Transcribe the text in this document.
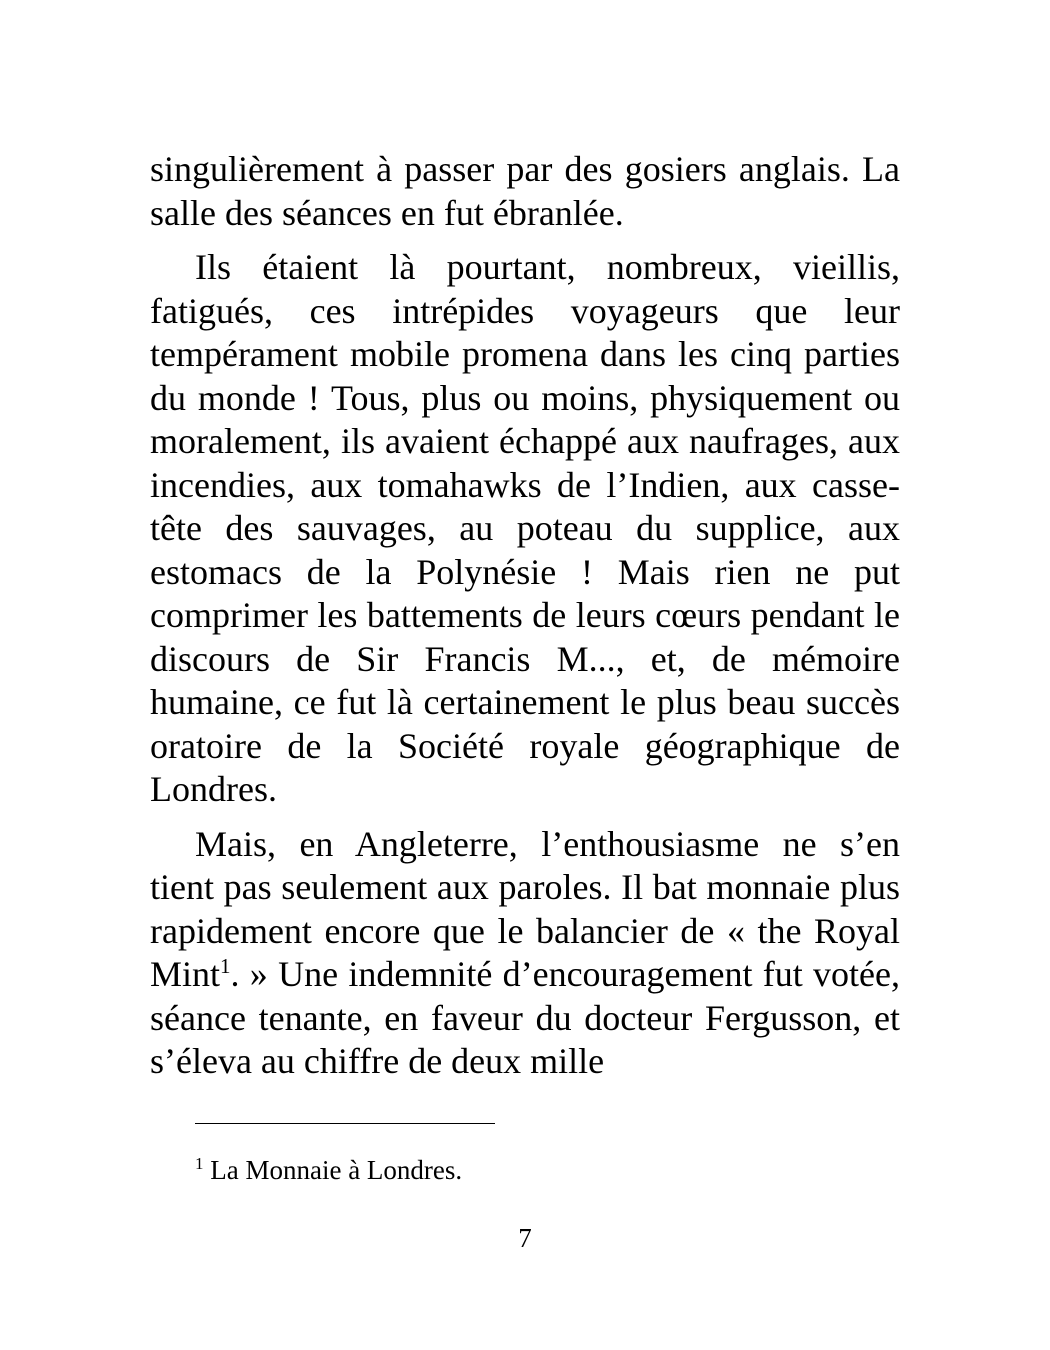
singulièrement à passer par des gosiers anglais. La salle des séances en fut ébranlée.

Ils étaient là pourtant, nombreux, vieillis, fatigués, ces intrépides voyageurs que leur tempérament mobile promena dans les cinq parties du monde ! Tous, plus ou moins, physiquement ou moralement, ils avaient échappé aux naufrages, aux incendies, aux tomahawks de l’Indien, aux casse-tête des sauvages, au poteau du supplice, aux estomacs de la Polynésie ! Mais rien ne put comprimer les battements de leurs cœurs pendant le discours de Sir Francis M..., et, de mémoire humaine, ce fut là certainement le plus beau succès oratoire de la Société royale géographique de Londres.

Mais, en Angleterre, l’enthousiasme ne s’en tient pas seulement aux paroles. Il bat monnaie plus rapidement encore que le balancier de « the Royal Mint$^1$. » Une indemnité d’encouragement fut votée, séance tenante, en faveur du docteur Fergusson, et s’éleva au chiffre de deux mille

$^1$ La Monnaie à Londres.
7
